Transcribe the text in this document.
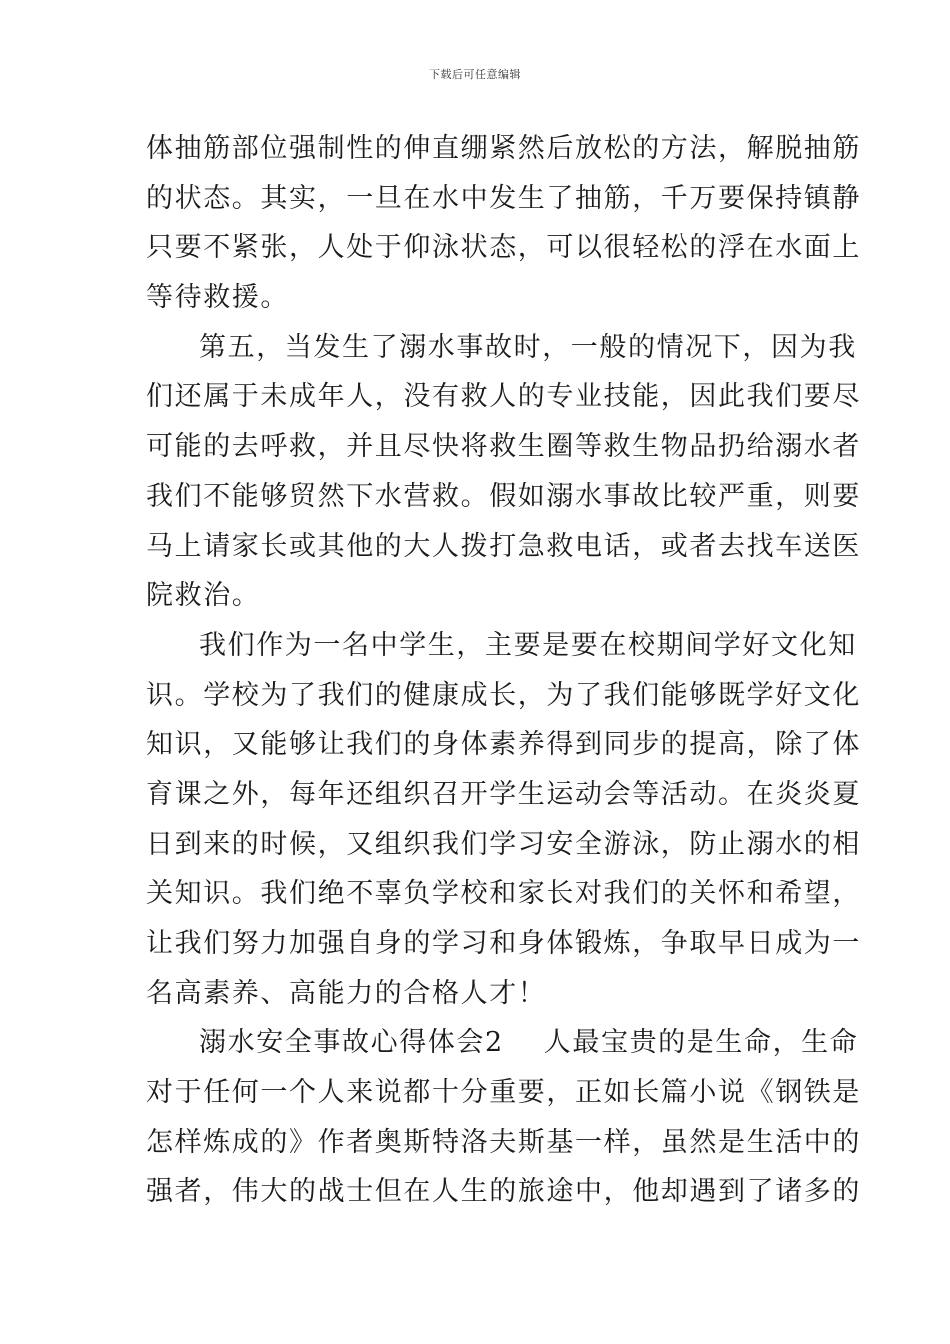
下载后可任意编辑
体抽筋部位强制性的伸直绷紧然后放松的方法，解脱抽筋
的状态。其实，一旦在水中发生了抽筋，千万要保持镇静
只要不紧张，人处于仰泳状态，可以很轻松的浮在水面上
等待救援。
第五，当发生了溺水事故时，一般的情况下，因为我
们还属于未成年人，没有救人的专业技能，因此我们要尽
可能的去呼救，并且尽快将救生圈等救生物品扔给溺水者
我们不能够贸然下水营救。假如溺水事故比较严重，则要
马上请家长或其他的大人拨打急救电话，或者去找车送医
院救治。
我们作为一名中学生，主要是要在校期间学好文化知
识。学校为了我们的健康成长，为了我们能够既学好文化
知识，又能够让我们的身体素养得到同步的提高，除了体
育课之外，每年还组织召开学生运动会等活动。在炎炎夏
日到来的时候，又组织我们学习安全游泳，防止溺水的相
关知识。我们绝不辜负学校和家长对我们的关怀和希望，
让我们努力加强自身的学习和身体锻炼，争取早日成为一
名高素养、高能力的合格人才！
溺水安全事故心得体会2 人最宝贵的是生命，生命
对于任何一个人来说都十分重要，正如长篇小说《钢铁是
怎样炼成的》作者奥斯特洛夫斯基一样，虽然是生活中的
强者，伟大的战士但在人生的旅途中，他却遇到了诸多的
